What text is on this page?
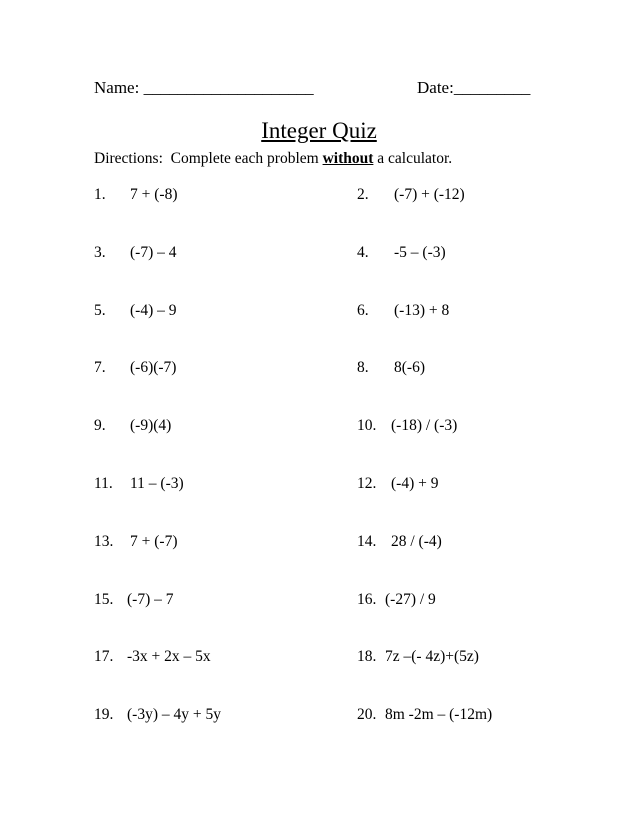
Name: ____________________	Date:_________
Integer Quiz
Directions:  Complete each problem without a calculator.
1. 7 + (-8)	2. (-7) + (-12)
3. (-7) – 4	4. -5 – (-3)
5. (-4) – 9	6. (-13) + 8
7. (-6)(-7)	8. 8(-6)
9. (-9)(4)	10. (-18) / (-3)
11. 11 – (-3)	12. (-4) + 9
13. 7 + (-7)	14. 28 / (-4)
15. (-7) – 7	16. (-27) / 9
17. -3x + 2x – 5x	18. 7z –(- 4z)+(5z)
19. (-3y) – 4y + 5y	20. 8m -2m – (-12m)
